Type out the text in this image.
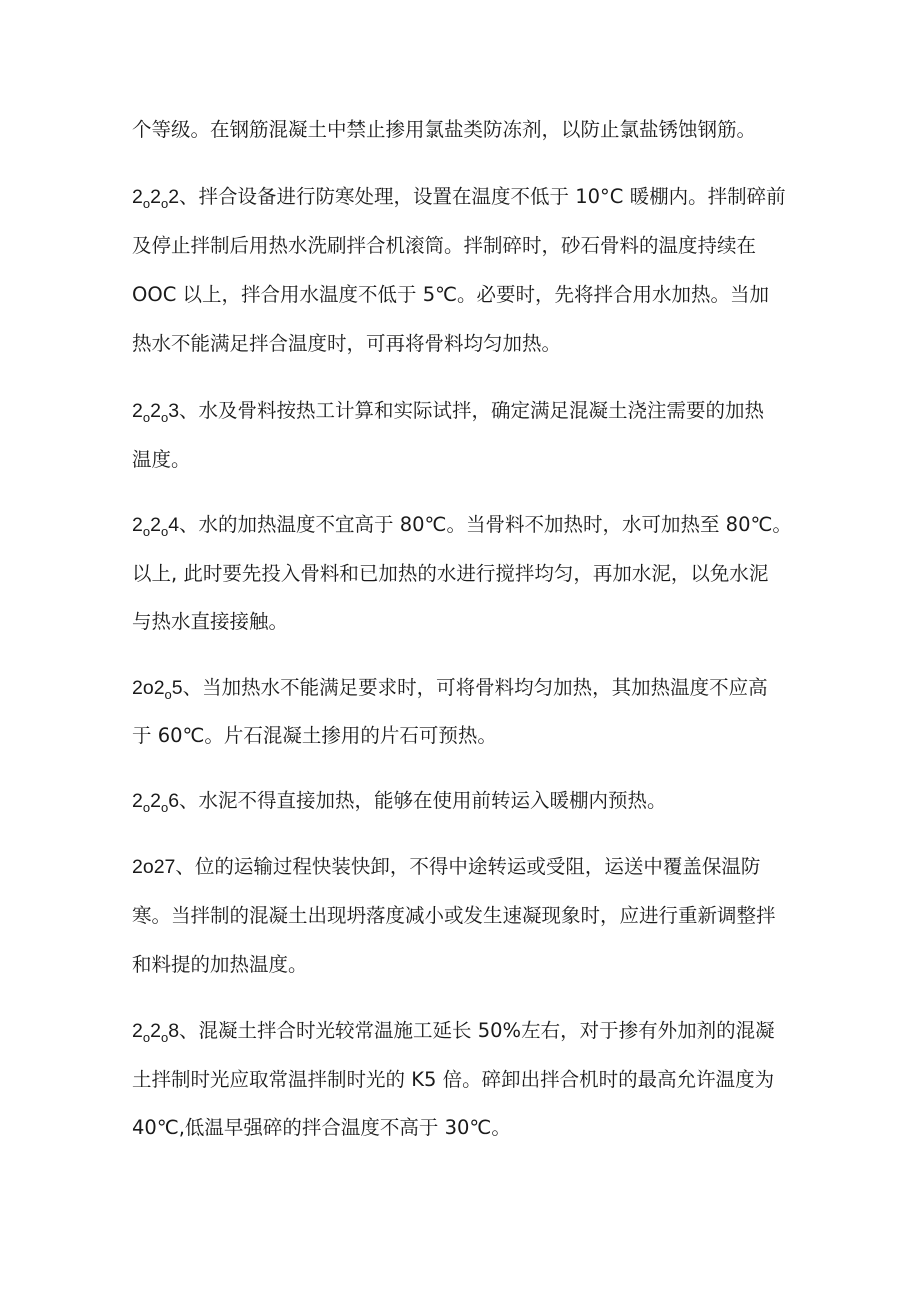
个等级。在钢筋混凝土中禁止掺用氯盐类防冻剂，以防止氯盐锈蚀钢筋。
$2_o2_o2$、拌合设备进行防寒处理，设置在温度不低于 10°C 暖棚内。拌制碎前
及停止拌制后用热水洗刷拌合机滚筒。拌制碎时，砂石骨料的温度持续在
OOC 以上，拌合用水温度不低于 5℃。必要时，先将拌合用水加热。当加
热水不能满足拌合温度时，可再将骨料均匀加热。
$2_o2_o3$、水及骨料按热工计算和实际试拌，确定满足混凝土浇注需要的加热
温度。
$2_o2_o4$、水的加热温度不宜高于 80℃。当骨料不加热时，水可加热至 80℃。
以上, 此时要先投入骨料和已加热的水进行搅拌均匀，再加水泥，以免水泥
与热水直接接触。
$2o2_o5$、当加热水不能满足要求时，可将骨料均匀加热，其加热温度不应高
于 60℃。片石混凝土掺用的片石可预热。
$2_o2_o6$、水泥不得直接加热，能够在使用前转运入暖棚内预热。
2o27、位的运输过程快装快卸，不得中途转运或受阻，运送中覆盖保温防
寒。当拌制的混凝土出现坍落度减小或发生速凝现象时，应进行重新调整拌
和料提的加热温度。
$2_o2_o8$、混凝土拌合时光较常温施工延长 50%左右，对于掺有外加剂的混凝
土拌制时光应取常温拌制时光的 K5 倍。碎卸出拌合机时的最高允许温度为
40℃,低温早强碎的拌合温度不高于 30℃。
